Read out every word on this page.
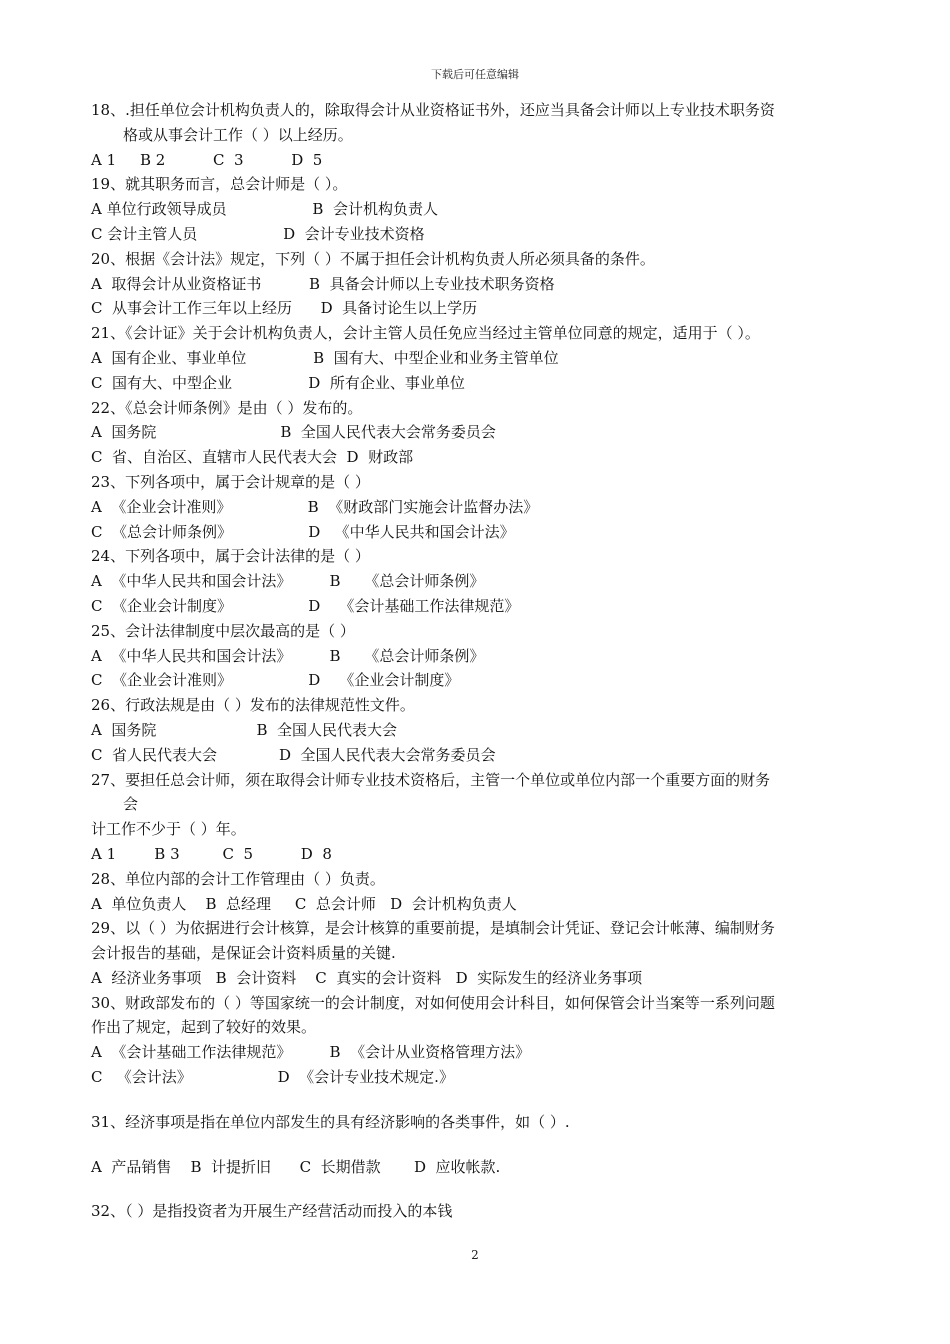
下载后可任意编辑
18、.担任单位会计机构负责人的，除取得会计从业资格证书外，还应当具备会计师以上专业技术职务资
格或从事会计工作（ ）以上经历。
A 1     B 2          C  3          D  5
19、就其职务而言，总会计师是（ ）。
A 单位行政领导成员                  B  会计机构负责人
C 会计主管人员                  D  会计专业技术资格
20、根据《会计法》规定，下列（ ）不属于担任会计机构负责人所必须具备的条件。
A  取得会计从业资格证书          B  具备会计师以上专业技术职务资格
C  从事会计工作三年以上经历      D  具备讨论生以上学历
21、《会计证》关于会计机构负责人，会计主管人员任免应当经过主管单位同意的规定，适用于（ ）。
A  国有企业、事业单位              B  国有大、中型企业和业务主管单位
C  国有大、中型企业                D  所有企业、事业单位
22、《总会计师条例》是由（ ）发布的。
A  国务院                          B  全国人民代表大会常务委员会
C  省、自治区、直辖市人民代表大会  D  财政部
23、下列各项中，属于会计规章的是（ ）
A  《企业会计准则》                B  《财政部门实施会计监督办法》
C  《总会计师条例》                D   《中华人民共和国会计法》
24、下列各项中，属于会计法律的是（ ）
A  《中华人民共和国会计法》        B     《总会计师条例》
C  《企业会计制度》                D    《会计基础工作法律规范》
25、会计法律制度中层次最高的是（ ）
A  《中华人民共和国会计法》        B     《总会计师条例》
C  《企业会计准则》                D    《企业会计制度》
26、行政法规是由（ ）发布的法律规范性文件。
A  国务院                     B  全国人民代表大会
C  省人民代表大会             D  全国人民代表大会常务委员会
27、要担任总会计师，须在取得会计师专业技术资格后，主管一个单位或单位内部一个重要方面的财务
会
计工作不少于（ ）年。
A 1        B 3         C  5          D  8
28、单位内部的会计工作管理由（ ）负责。
A  单位负责人    B  总经理     C  总会计师   D  会计机构负责人
29、以（ ）为依据进行会计核算，是会计核算的重要前提，是填制会计凭证、登记会计帐薄、编制财务
会计报告的基础，是保证会计资料质量的关键.
A  经济业务事项   B  会计资料    C  真实的会计资料   D  实际发生的经济业务事项
30、财政部发布的（ ）等国家统一的会计制度，对如何使用会计科目，如何保管会计当案等一系列问题
作出了规定，起到了较好的效果。
A  《会计基础工作法律规范》        B  《会计从业资格管理方法》
C   《会计法》                  D  《会计专业技术规定.》
31、经济事项是指在单位内部发生的具有经济影响的各类事件，如（ ）.
A  产品销售    B  计提折旧      C  长期借款       D  应收帐款.
32、（ ）是指投资者为开展生产经营活动而投入的本钱
2
